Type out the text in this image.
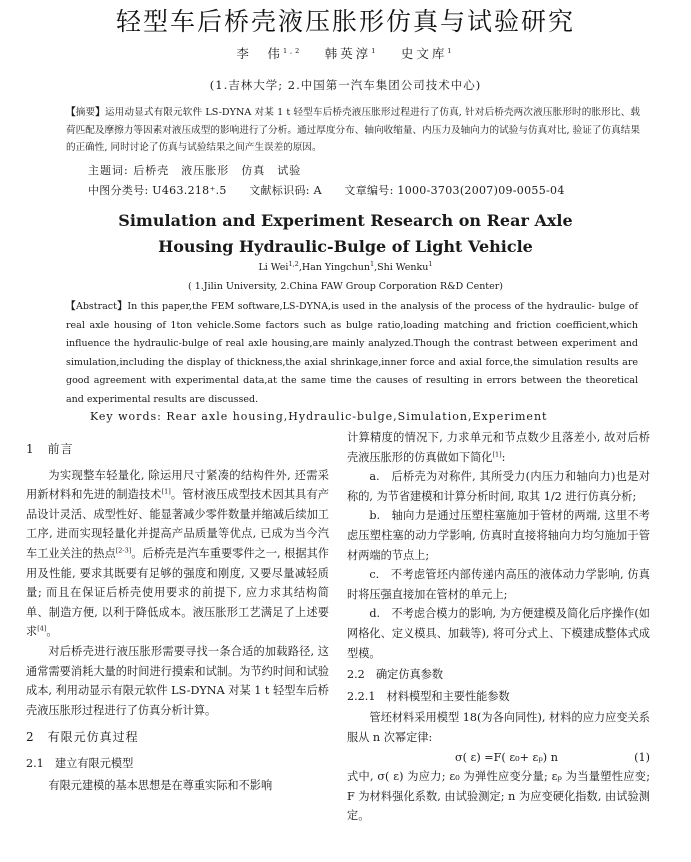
轻型车后桥壳液压胀形仿真与试验研究
李　伟$^{1,2}$　 韩英淳$^1$　 史文库$^1$
(1.吉林大学; 2.中国第一汽车集团公司技术中心)
【摘要】运用动显式有限元软件 LS-DYNA 对某 1 t 轻型车后桥壳液压胀形过程进行了仿真, 针对后桥壳两次液压胀形时的胀形比、载荷匹配及摩擦力等因素对液压成型的影响进行了分析。通过厚度分布、轴向收缩量、内压力及轴向力的试验与仿真对比, 验证了仿真结果的正确性, 同时讨论了仿真与试验结果之间产生误差的原因。
主题词: 后桥壳　液压胀形　仿真　试验
中图分类号: U463.218⁺.5　　文献标识码: A　　文章编号: 1000-3703(2007)09-0055-04
Simulation and Experiment Research on Rear Axle
Housing Hydraulic-Bulge of Light Vehicle
Li Wei$^{1,2}$,Han Yingchun$^1$,Shi Wenku$^1$
( 1.Jilin University, 2.China FAW Group Corporation R&D Center)
【Abstract】In this paper,the FEM software,LS-DYNA,is used in the analysis of the process of the hydraulic- bulge of real axle housing of 1ton vehicle.Some factors such as bulge ratio,loading matching and friction coefficient,which influence the hydraulic-bulge of real axle housing,are mainly analyzed.Though the contrast between experiment and simulation,including the display of thickness,the axial shrinkage,inner force and axial force,the simulation results are good agreement with experimental data,at the same time the causes of resulting in errors between the theoretical and experimental results are discussed.
Key words: Rear axle housing,Hydraulic-bulge,Simulation,Experiment

1　前言

为实现整车轻量化, 除运用尺寸紧凑的结构件外, 还需采用新材料和先进的制造技术[1]。管材液压成型技术因其具有产品设计灵活、成型性好、能显著减少零件数量并缩减后续加工工序, 进而实现轻量化并提高产品质量等优点, 已成为当今汽车工业关注的热点[2-3]。后桥壳是汽车重要零件之一, 根据其作用及性能, 要求其既要有足够的强度和刚度, 又要尽量减轻质量; 而且在保证后桥壳使用要求的前提下, 应力求其结构简单、制造方便, 以利于降低成本。液压胀形工艺满足了上述要求[4]。

对后桥壳进行液压胀形需要寻找一条合适的加载路径, 这通常需要消耗大量的时间进行摸索和试制。为节约时间和试验成本, 利用动显示有限元软件 LS-DYNA 对某 1 t 轻型车后桥壳液压胀形过程进行了仿真分析计算。

2　有限元仿真过程

2.1　建立有限元模型

有限元建模的基本思想是在尊重实际和不影响

计算精度的情况下, 力求单元和节点数少且落差小, 故对后桥壳液压胀形的仿真做如下简化[1]:

a.　后桥壳为对称件, 其所受力(内压力和轴向力)也是对称的, 为节省建模和计算分析时间, 取其 1/2 进行仿真分析;

b.　轴向力是通过压塑柱塞施加于管材的两端, 这里不考虑压塑柱塞的动力学影响, 仿真时直接将轴向力均匀施加于管材两端的节点上;

c.　不考虑管坯内部传递内高压的液体动力学影响, 仿真时将压强直接加在管材的单元上;

d.　不考虑合模力的影响, 为方便建模及简化后序操作(如网格化、定义模具、加载等), 将可分式上、下模建成整体式成型模。

2.2　确定仿真参数

2.2.1　材料模型和主要性能参数

管坯材料采用模型 18(为各向同性), 材料的应力应变关系服从 n 次幂定律:

σ( ε) =F( ε₀+ εₚ) n	(1)

式中, σ( ε) 为应力; ε₀ 为弹性应变分量; εₚ 为当量塑性应变; F 为材料强化系数, 由试验测定; n 为应变硬化指数, 由试验测定。
